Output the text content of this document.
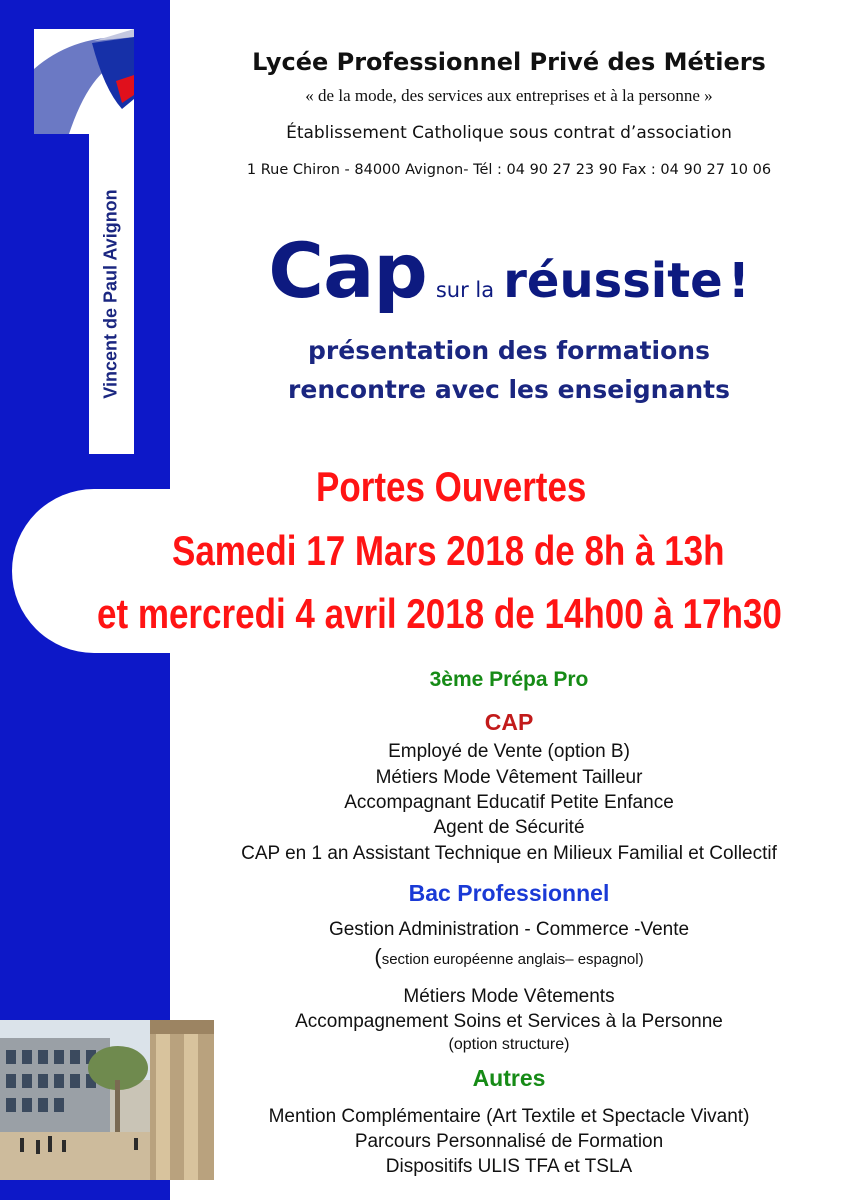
Vincent de Paul Avignon
Lycée Professionnel Privé des Métiers
« de la mode, des services aux entreprises et à la personne »
Établissement Catholique sous contrat d’association
1 Rue Chiron - 84000 Avignon- Tél : 04 90 27 23 90 Fax : 04 90 27 10 06
Cap sur la réussite !
présentation des formations
rencontre avec les enseignants
Portes Ouvertes
Samedi 17 Mars 2018 de 8h à 13h
et mercredi 4 avril 2018 de 14h00 à 17h30
3ème Prépa Pro
CAP
Employé de Vente (option B)
Métiers Mode Vêtement Tailleur
Accompagnant Educatif Petite Enfance
Agent de Sécurité
CAP en 1 an Assistant Technique en Milieux Familial et Collectif
Bac Professionnel
Gestion Administration - Commerce -Vente
(section européenne anglais– espagnol)
Métiers Mode Vêtements
Accompagnement Soins et Services à la Personne
(option structure)
Autres
Mention Complémentaire (Art Textile et Spectacle Vivant)
Parcours Personnalisé de Formation
Dispositifs ULIS TFA et TSLA
